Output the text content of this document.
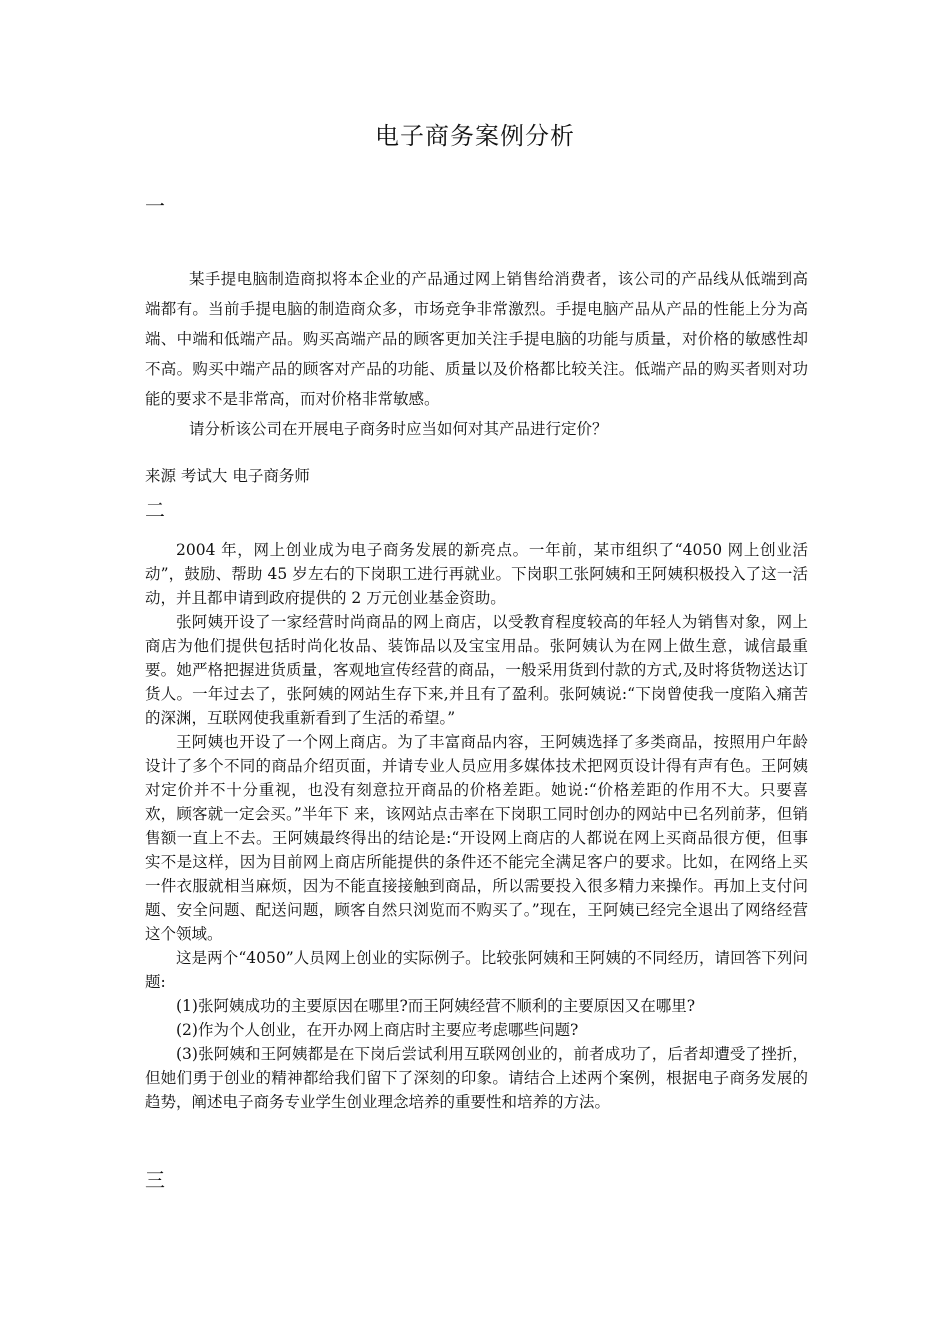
电子商务案例分析
一

某手提电脑制造商拟将本企业的产品通过网上销售给消费者，该公司的产品线从低端到高端都有。当前手提电脑的制造商众多，市场竞争非常激烈。手提电脑产品从产品的性能上分为高端、中端和低端产品。购买高端产品的顾客更加关注手提电脑的功能与质量，对价格的敏感性却不高。购买中端产品的顾客对产品的功能、质量以及价格都比较关注。低端产品的购买者则对功能的要求不是非常高，而对价格非常敏感。

请分析该公司在开展电子商务时应当如何对其产品进行定价？

来源 考试大 电子商务师
二

2004 年，网上创业成为电子商务发展的新亮点。一年前，某市组织了“4050 网上创业活动”，鼓励、帮助 45 岁左右的下岗职工进行再就业。下岗职工张阿姨和王阿姨积极投入了这一活动，并且都申请到政府提供的 2 万元创业基金资助。

张阿姨开设了一家经营时尚商品的网上商店，以受教育程度较高的年轻人为销售对象，网上商店为他们提供包括时尚化妆品、装饰品以及宝宝用品。张阿姨认为在网上做生意，诚信最重要。她严格把握进货质量，客观地宣传经营的商品，一般采用货到付款的方式,及时将货物送达订货人。一年过去了，张阿姨的网站生存下来,并且有了盈利。张阿姨说:“下岗曾使我一度陷入痛苦的深渊，互联网使我重新看到了生活的希望。”

王阿姨也开设了一个网上商店。为了丰富商品内容，王阿姨选择了多类商品，按照用户年龄设计了多个不同的商品介绍页面，并请专业人员应用多媒体技术把网页设计得有声有色。王阿姨对定价并不十分重视，也没有刻意拉开商品的价格差距。她说:“价格差距的作用不大。只要喜欢，顾客就一定会买。”半年下 来，该网站点击率在下岗职工同时创办的网站中已名列前茅，但销售额一直上不去。王阿姨最终得出的结论是:“开设网上商店的人都说在网上买商品很方便，但事 实不是这样，因为目前网上商店所能提供的条件还不能完全满足客户的要求。比如，在网络上买一件衣服就相当麻烦，因为不能直接接触到商品，所以需要投入很多精力来操作。再加上支付问题、安全问题、配送问题，顾客自然只浏览而不购买了。”现在，王阿姨已经完全退出了网络经营这个领域。

这是两个“4050”人员网上创业的实际例子。比较张阿姨和王阿姨的不同经历，请回答下列问题:

(1)张阿姨成功的主要原因在哪里?而王阿姨经营不顺利的主要原因又在哪里?

(2)作为个人创业，在开办网上商店时主要应考虑哪些问题?

(3)张阿姨和王阿姨都是在下岗后尝试利用互联网创业的，前者成功了，后者却遭受了挫折，但她们勇于创业的精神都给我们留下了深刻的印象。请结合上述两个案例，根据电子商务发展的趋势，阐述电子商务专业学生创业理念培养的重要性和培养的方法。

三
